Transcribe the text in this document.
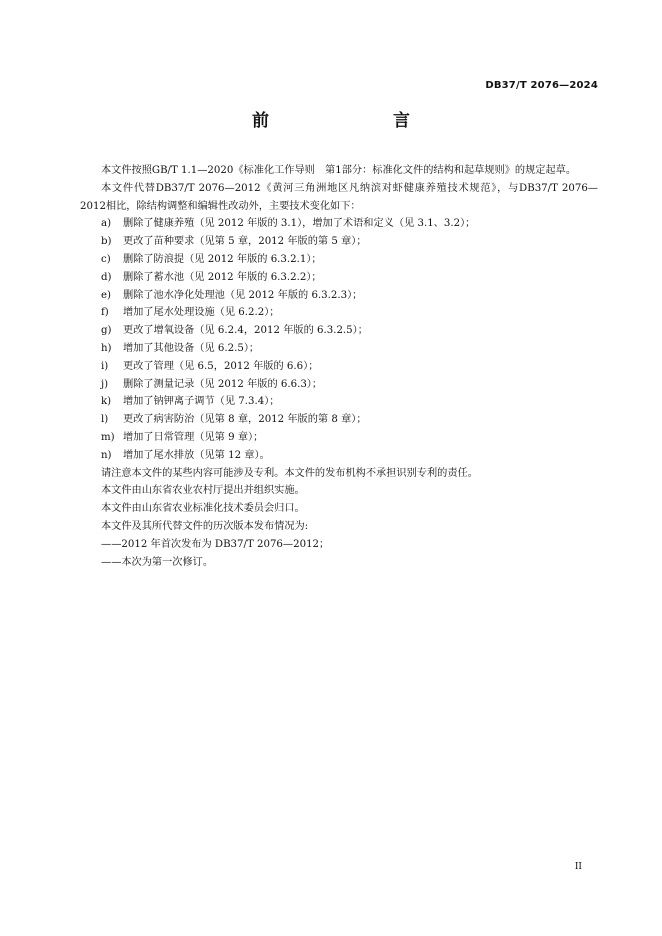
DB37/T 2076—2024
前　　言

本文件按照GB/T 1.1—2020《标准化工作导则　第1部分：标准化文件的结构和起草规则》的规定起草。

本文件代替DB37/T 2076—2012《黄河三角洲地区凡纳滨对虾健康养殖技术规范》，与DB37/T 2076—2012相比，除结构调整和编辑性改动外，主要技术变化如下：

a) 删除了健康养殖（见 2012 年版的 3.1），增加了术语和定义（见 3.1、3.2）；
b) 更改了苗种要求（见第 5 章，2012 年版的第 5 章）；
c) 删除了防浪提（见 2012 年版的 6.3.2.1）；
d) 删除了蓄水池（见 2012 年版的 6.3.2.2）；
e) 删除了池水净化处理池（见 2012 年版的 6.3.2.3）；
f) 增加了尾水处理设施（见 6.2.2）；
g) 更改了增氧设备（见 6.2.4，2012 年版的 6.3.2.5）；
h) 增加了其他设备（见 6.2.5）；
i) 更改了管理（见 6.5，2012 年版的 6.6）；
j) 删除了测量记录（见 2012 年版的 6.6.3）；
k) 增加了钠钾离子调节（见 7.3.4）；
l) 更改了病害防治（见第 8 章，2012 年版的第 8 章）；
m) 增加了日常管理（见第 9 章）；
n) 增加了尾水排放（见第 12 章）。

请注意本文件的某些内容可能涉及专利。本文件的发布机构不承担识别专利的责任。

本文件由山东省农业农村厅提出并组织实施。

本文件由山东省农业标准化技术委员会归口。

本文件及其所代替文件的历次版本发布情况为:

——2012 年首次发布为 DB37/T 2076—2012；

——本次为第一次修订。

II
